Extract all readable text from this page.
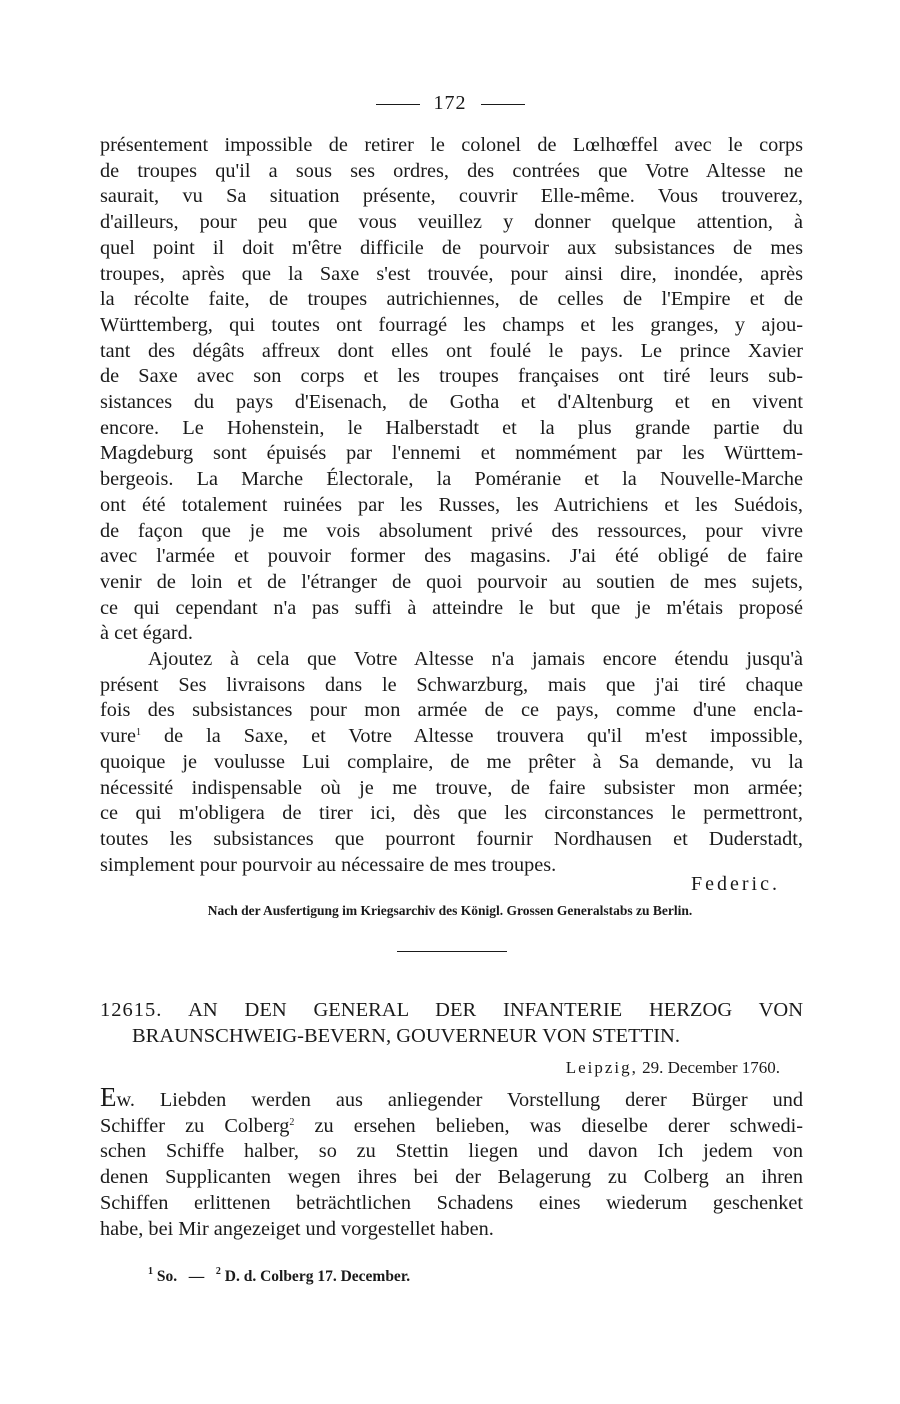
172

présentement impossible de retirer le colonel de Lœlhœffel avec le corps

de troupes qu'il a sous ses ordres, des contrées que Votre Altesse ne

saurait, vu Sa situation présente, couvrir Elle-même. Vous trouverez,

d'ailleurs, pour peu que vous veuillez y donner quelque attention, à

quel point il doit m'être difficile de pourvoir aux subsistances de mes

troupes, après que la Saxe s'est trouvée, pour ainsi dire, inondée, après

la récolte faite, de troupes autrichiennes, de celles de l'Empire et de

Württemberg, qui toutes ont fourragé les champs et les granges, y ajou-

tant des dégâts affreux dont elles ont foulé le pays. Le prince Xavier

de Saxe avec son corps et les troupes françaises ont tiré leurs sub-

sistances du pays d'Eisenach, de Gotha et d'Altenburg et en vivent

encore. Le Hohenstein, le Halberstadt et la plus grande partie du

Magdeburg sont épuisés par l'ennemi et nommément par les Württem-

bergeois. La Marche Électorale, la Poméranie et la Nouvelle-Marche

ont été totalement ruinées par les Russes, les Autrichiens et les Suédois,

de façon que je me vois absolument privé des ressources, pour vivre

avec l'armée et pouvoir former des magasins. J'ai été obligé de faire

venir de loin et de l'étranger de quoi pourvoir au soutien de mes sujets,

ce qui cependant n'a pas suffi à atteindre le but que je m'étais proposé

à cet égard.

Ajoutez à cela que Votre Altesse n'a jamais encore étendu jusqu'à

présent Ses livraisons dans le Schwarzburg, mais que j'ai tiré chaque

fois des subsistances pour mon armée de ce pays, comme d'une encla-

vure$^1$ de la Saxe, et Votre Altesse trouvera qu'il m'est impossible,

quoique je voulusse Lui complaire, de me prêter à Sa demande, vu la

nécessité indispensable où je me trouve, de faire subsister mon armée;

ce qui m'obligera de tirer ici, dès que les circonstances le permettront,

toutes les subsistances que pourront fournir Nordhausen et Duderstadt,

simplement pour pourvoir au nécessaire de mes troupes.

Federic.
Nach der Ausfertigung im Kriegsarchiv des Königl. Grossen Generalstabs zu Berlin.
12615. AN DEN GENERAL DER INFANTERIE HERZOG VON
BRAUNSCHWEIG-BEVERN, GOUVERNEUR VON STETTIN.
Leipzig, 29. December 1760.

Ew. Liebden werden aus anliegender Vorstellung derer Bürger und

Schiffer zu Colberg$^2$ zu ersehen belieben, was dieselbe derer schwedi-

schen Schiffe halber, so zu Stettin liegen und davon Ich jedem von

denen Supplicanten wegen ihres bei der Belagerung zu Colberg an ihren

Schiffen erlittenen beträchtlichen Schadens eines wiederum geschenket

habe, bei Mir angezeiget und vorgestellet haben.

$^1$ So. — $^2$ D. d. Colberg 17. December.
